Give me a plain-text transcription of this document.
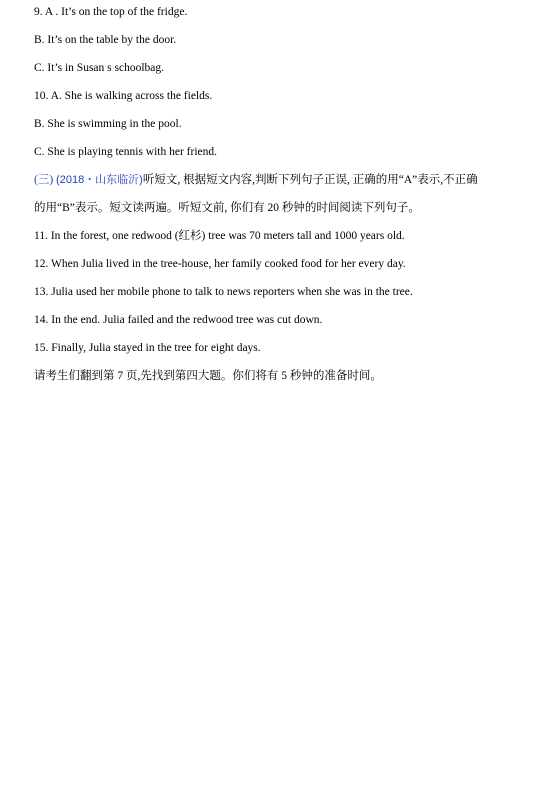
9. A . It’s on the top of the fridge.
B. It’s on the table by the door.
C. It’s in Susan s schoolbag.
10. A. She is walking across the fields.
B. She is swimming in the pool.
C. She is playing tennis with her friend.
(三) (2018・山东临沂)听短文, 根据短文内容,判断下列句子正误, 正确的用“A”表示,不正确
的用“B”表示。短文读两遍。听短文前, 你们有 20 秒钟的时间阅读下列句子。
11. In the forest, one redwood (红杉) tree was 70 meters tall and 1000 years old.
12. When Julia lived in the tree-house, her family cooked food for her every day.
13. Julia used her mobile phone to talk to news reporters when she was in the tree.
14. In the end. Julia failed and the redwood tree was cut down.
15. Finally, Julia stayed in the tree for eight days.
请考生们翻到第 7 页,先找到第四大题。你们将有 5 秒钟的准备时间。
